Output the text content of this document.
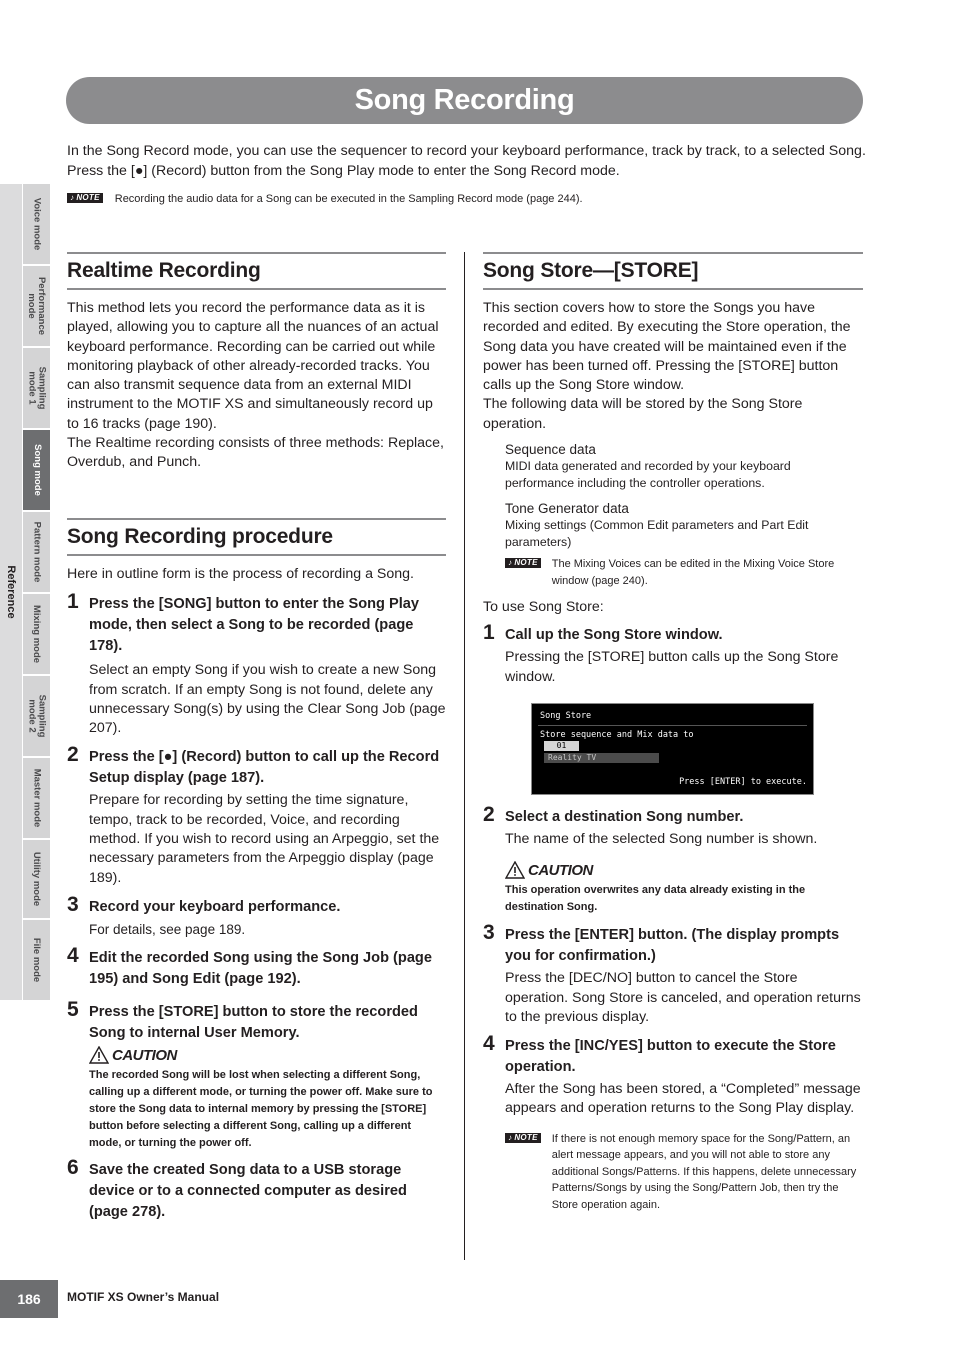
Song Recording
In the Song Record mode, you can use the sequencer to record your keyboard performance, track by track, to a selected Song. Press the [●] (Record) button from the Song Play mode to enter the Song Record mode.
♪ NOTE Recording the audio data for a Song can be executed in the Sampling Record mode (page 244).
Reference
Voice mode
Performance
mode
Sampling
mode 1
Song mode
Pattern mode
Mixing mode
Sampling
mode 2
Master mode
Utility mode
File mode
Realtime Recording
This method lets you record the performance data as it is played, allowing you to capture all the nuances of an actual keyboard performance. Recording can be carried out while monitoring playback of other already-recorded tracks. You can also transmit sequence data from an external MIDI instrument to the MOTIF XS and simultaneously record up to 16 tracks (page 190).
The Realtime recording consists of three methods: Replace, Overdub, and Punch.
Song Recording procedure
Here in outline form is the process of recording a Song.
1 Press the [SONG] button to enter the Song Play mode, then select a Song to be recorded (page 178).
Select an empty Song if you wish to create a new Song from scratch. If an empty Song is not found, delete any unnecessary Song(s) by using the Clear Song Job (page 207).
2 Press the [●] (Record) button to call up the Record Setup display (page 187).
Prepare for recording by setting the time signature, tempo, track to be recorded, Voice, and recording method. If you wish to record using an Arpeggio, set the necessary parameters from the Arpeggio display (page 189).
3 Record your keyboard performance.
For details, see page 189.
4 Edit the recorded Song using the Song Job (page 195) and Song Edit (page 192).
5 Press the [STORE] button to store the recorded Song to internal User Memory.
CAUTION
The recorded Song will be lost when selecting a different Song, calling up a different mode, or turning the power off. Make sure to store the Song data to internal memory by pressing the [STORE] button before selecting a different Song, calling up a different mode, or turning the power off.
6 Save the created Song data to a USB storage device or to a connected computer as desired (page 278).
Song Store—[STORE]
This section covers how to store the Songs you have recorded and edited. By executing the Store operation, the Song data you have created will be maintained even if the power has been turned off. Pressing the [STORE] button calls up the Song Store window.
The following data will be stored by the Song Store operation.
Sequence data
MIDI data generated and recorded by your keyboard performance including the controller operations.
Tone Generator data
Mixing settings (Common Edit parameters and Part Edit parameters)
♪ NOTE The Mixing Voices can be edited in the Mixing Voice Store window (page 240).
To use Song Store:
1 Call up the Song Store window.
Pressing the [STORE] button calls up the Song Store window.
Song Store
Store sequence and Mix data to
01
Reality TV
Press [ENTER] to execute.
2 Select a destination Song number.
The name of the selected Song number is shown.
CAUTION
This operation overwrites any data already existing in the destination Song.
3 Press the [ENTER] button. (The display prompts you for confirmation.)
Press the [DEC/NO] button to cancel the Store operation. Song Store is canceled, and operation returns to the previous display.
4 Press the [INC/YES] button to execute the Store operation.
After the Song has been stored, a “Completed” message appears and operation returns to the Song Play display.
♪ NOTE If there is not enough memory space for the Song/Pattern, an alert message appears, and you will not able to store any additional Songs/Patterns. If this happens, delete unnecessary Patterns/Songs by using the Song/Pattern Job, then try the Store operation again.
186	MOTIF XS Owner’s Manual
